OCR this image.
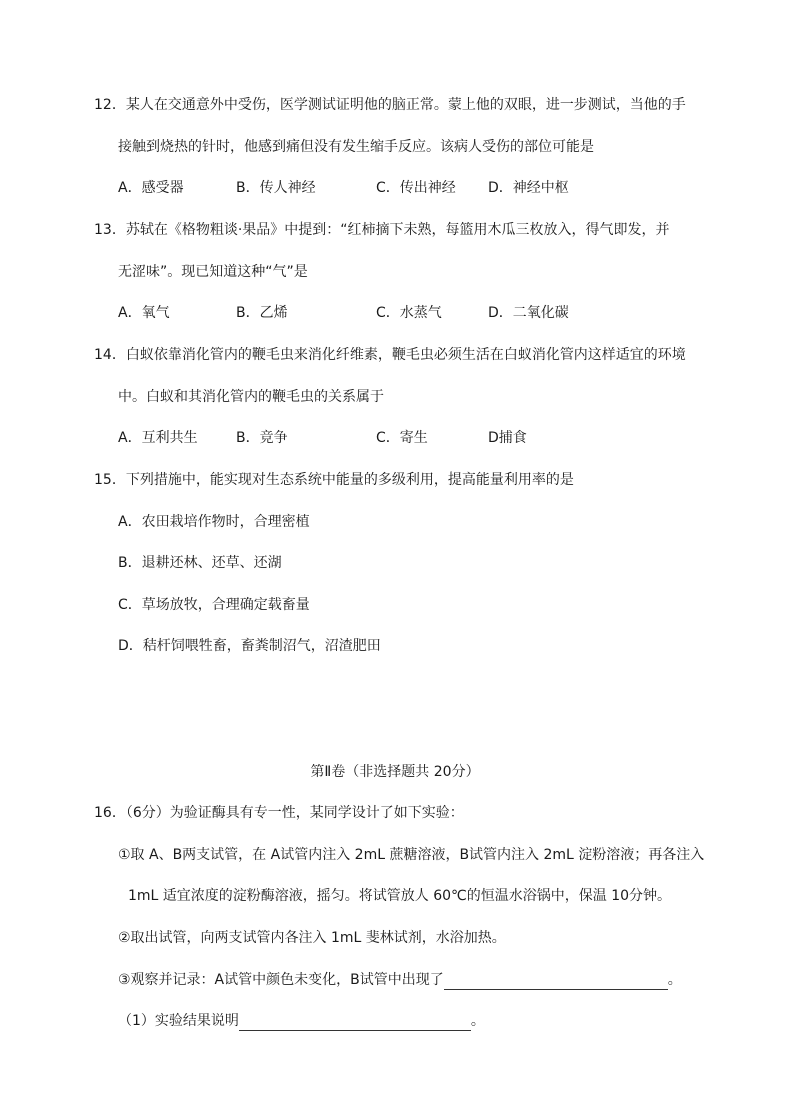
12．某人在交通意外中受伤，医学测试证明他的脑正常。蒙上他的双眼，进一步测试，当他的手
接触到烧热的针时，他感到痛但没有发生缩手反应。该病人受伤的部位可能是
A．感受器	B．传人神经	C．传出神经 D．神经中枢
13．苏轼在《格物粗谈·果品》中提到：“红柿摘下未熟，每篮用木瓜三枚放入，得气即发，并
无涩味”。现已知道这种“气”是
A．氧气	B．乙烯	C．水蒸气	D．二氧化碳
14．白蚁依靠消化管内的鞭毛虫来消化纤维素，鞭毛虫必须生活在白蚁消化管内这样适宜的环境
中。白蚁和其消化管内的鞭毛虫的关系属于
A．互利共生	B．竞争	C．寄生	D捕食
15．下列措施中，能实现对生态系统中能量的多级利用，提高能量利用率的是
A．农田栽培作物时，合理密植
B．退耕还林、还草、还湖
C．草场放牧，合理确定载畜量
D．秸杆饲喂牲畜，畜粪制沼气，沼渣肥田
第Ⅱ卷（非选择题共 20分）
16．（6分）为验证酶具有专一性，某同学设计了如下实验：
①取 A、B两支试管，在 A试管内注入 2mL 蔗糖溶液，B试管内注入 2mL 淀粉溶液；再各注入
1mL 适宜浓度的淀粉酶溶液，摇匀。将试管放人 60℃的恒温水浴锅中，保温 10分钟。
②取出试管，向两支试管内各注入 1mL 斐林试剂，水浴加热。
③观察并记录：A试管中颜色未变化，B试管中出现了	。
（1）实验结果说明	。
